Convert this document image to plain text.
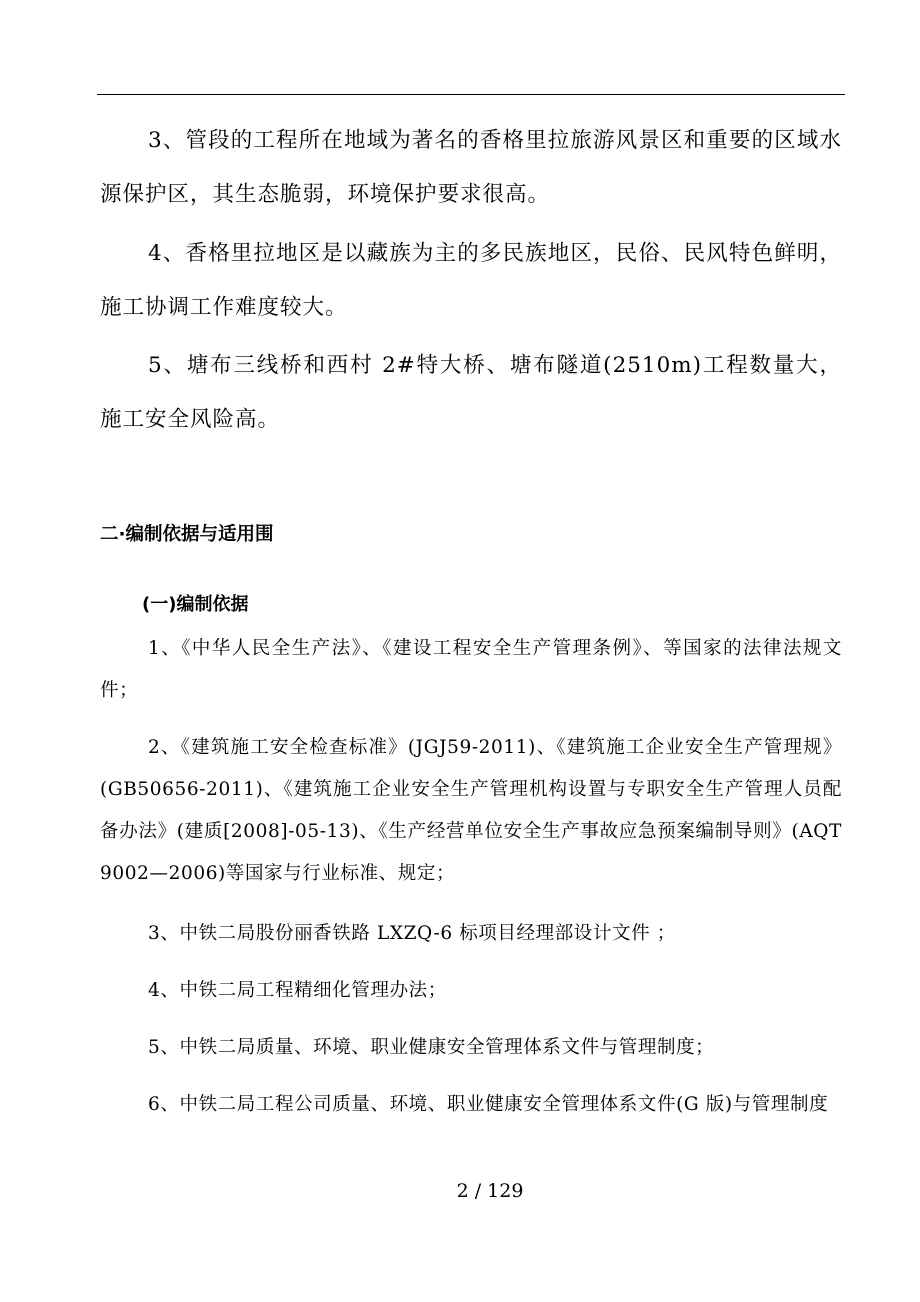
3、管段的工程所在地域为著名的香格里拉旅游风景区和重要的区域水源保护区，其生态脆弱，环境保护要求很高。

4、香格里拉地区是以藏族为主的多民族地区，民俗、民风特色鲜明，施工协调工作难度较大。

5、塘布三线桥和西村 2#特大桥、塘布隧道(2510m)工程数量大，施工安全风险高。

二·编制依据与适用围
(一)编制依据

1、《中华人民全生产法》、《建设工程安全生产管理条例》、等国家的法律法规文件；

2、《建筑施工安全检查标准》(JGJ59-2011)、《建筑施工企业安全生产管理规》(GB50656-2011)、《建筑施工企业安全生产管理机构设置与专职安全生产管理人员配备办法》(建质[2008]-05-13)、《生产经营单位安全生产事故应急预案编制导则》(AQT 9002—2006)等国家与行业标准、规定；

3、中铁二局股份丽香铁路 LXZQ-6 标项目经理部设计文件 ；

4、中铁二局工程精细化管理办法；

5、中铁二局质量、环境、职业健康安全管理体系文件与管理制度；

6、中铁二局工程公司质量、环境、职业健康安全管理体系文件(G 版)与管理制度

2 / 129
